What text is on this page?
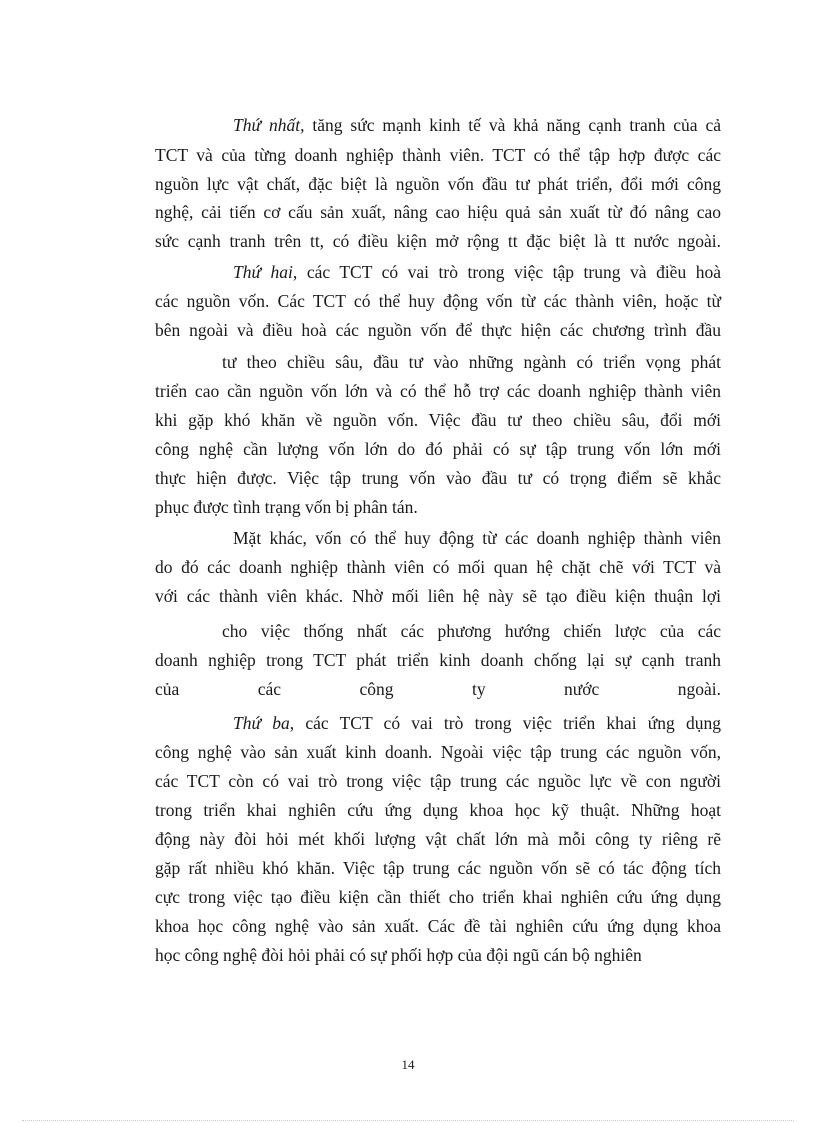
Thứ nhất, tăng sức mạnh kinh tế và khả năng cạnh tranh của cả
TCT và của từng doanh nghiệp thành viên. TCT có thể tập hợp được các
nguồn lực vật chất, đặc biệt là nguồn vốn đầu tư phát triển, đổi mới công
nghệ, cải tiến cơ cấu sản xuất, nâng cao hiệu quả sản xuất từ đó nâng cao
sức cạnh tranh trên tt, có điều kiện mở rộng tt đặc biệt là tt nước ngoài.
Thứ hai, các TCT có vai trò trong việc tập trung và điều hoà
các nguồn vốn. Các TCT có thể huy động vốn từ các thành viên, hoặc từ
bên ngoài và điều hoà các nguồn vốn để thực hiện các chương trình đầu
tư theo chiều sâu, đầu tư vào những ngành có triển vọng phát
triển cao cần nguồn vốn lớn và có thể hỗ trợ các doanh nghiệp thành viên
khi gặp khó khăn về nguồn vốn. Việc đầu tư theo chiều sâu, đổi mới
công nghệ cần lượng vốn lớn do đó phải có sự tập trung vốn lớn mới
thực hiện được. Việc tập trung vốn vào đầu tư có trọng điểm sẽ khắc
phục được tình trạng vốn bị phân tán.
Mặt khác, vốn có thể huy động từ các doanh nghiệp thành viên
do đó các doanh nghiệp thành viên có mối quan hệ chặt chẽ với TCT và
với các thành viên khác. Nhờ mối liên hệ này sẽ tạo điều kiện thuận lợi
cho việc thống nhất các phương hướng chiến lược của các
doanh nghiệp trong TCT phát triển kinh doanh chống lại sự cạnh tranh
của các công ty nước ngoài.
Thứ ba, các TCT có vai trò trong việc triển khai ứng dụng
công nghệ vào sản xuất kinh doanh. Ngoài việc tập trung các nguồn vốn,
các TCT còn có vai trò trong việc tập trung các nguồc lực về con người
trong triển khai nghiên cứu ứng dụng khoa học kỹ thuật. Những hoạt
động này đòi hỏi mét khối lượng vật chất lớn mà mỗi công ty riêng rẽ
gặp rất nhiều khó khăn. Việc tập trung các nguồn vốn sẽ có tác động tích
cực trong việc tạo điều kiện cần thiết cho triển khai nghiên cứu ứng dụng
khoa học công nghệ vào sản xuất. Các đề tài nghiên cứu ứng dụng khoa
học công nghệ đòi hỏi phải có sự phối hợp của đội ngũ cán bộ nghiên
14
